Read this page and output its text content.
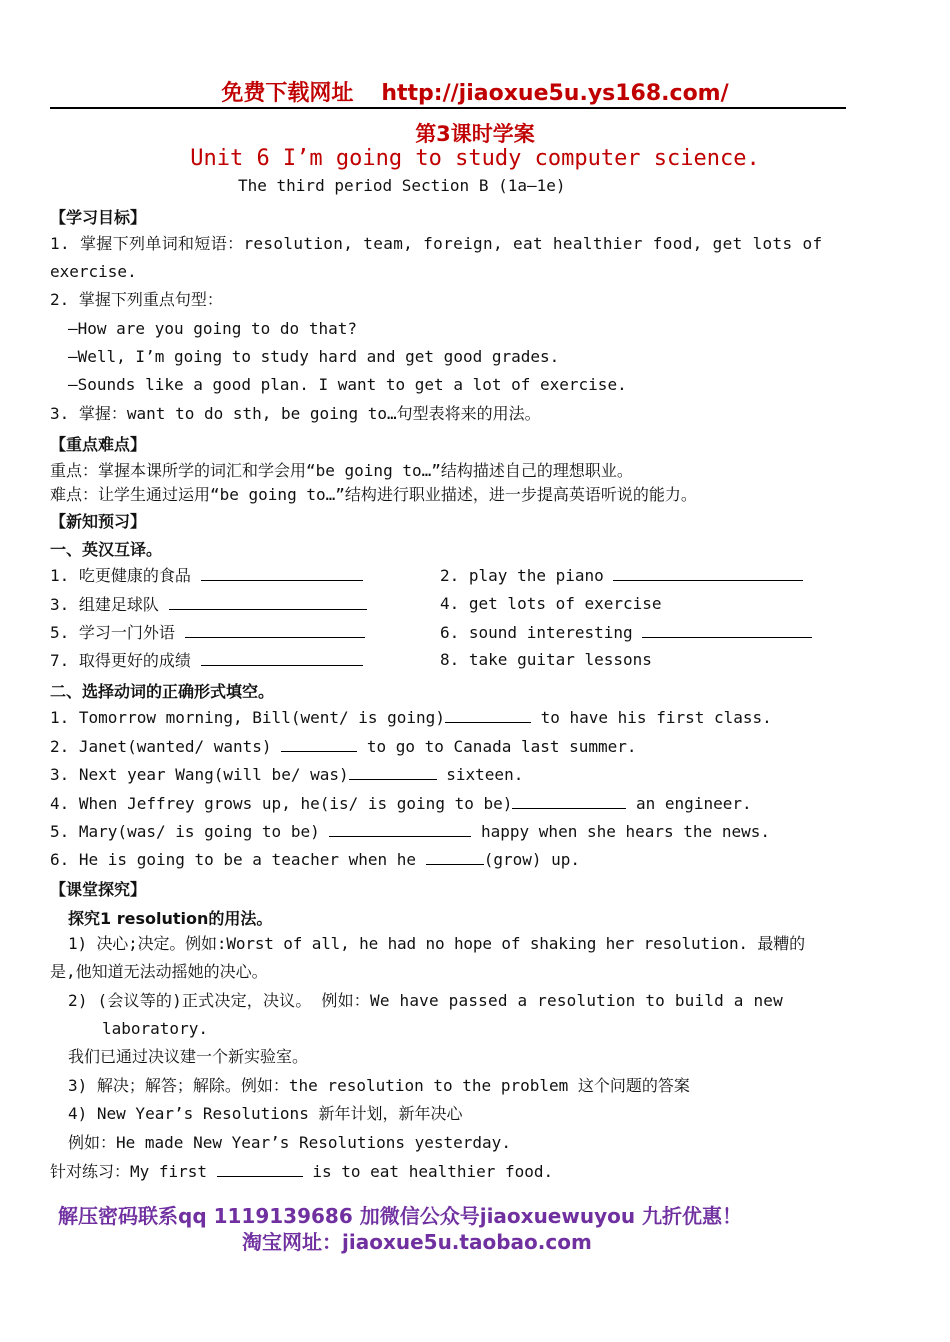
免费下载网址 http://jiaoxue5u.ys168.com/
第3课时学案
Unit 6 I’m going to study computer science.
The third period Section B (1a—1e)
【学习目标】
1. 掌握下列单词和短语：resolution, team, foreign, eat healthier food, get lots of
exercise.
2. 掌握下列重点句型：
—How are you going to do that?
—Well, I’m going to study hard and get good grades.
—Sounds like a good plan. I want to get a lot of exercise.
3. 掌握：want to do sth, be going to…句型表将来的用法。
【重点难点】
重点：掌握本课所学的词汇和学会用“be going to…”结构描述自己的理想职业。
难点：让学生通过运用“be going to…”结构进行职业描述，进一步提高英语听说的能力。
【新知预习】
一、英汉互译。
1. 吃更健康的食品	2. play the piano
3. 组建足球队	4. get lots of exercise
5. 学习一门外语	6. sound interesting
7. 取得更好的成绩	8. take guitar lessons
二、选择动词的正确形式填空。
1. Tomorrow morning, Bill(went/ is going)	to have his first class.
2. Janet(wanted/ wants)	to go to Canada last summer.
3. Next year Wang(will be/ was)	sixteen.
4. When Jeffrey grows up, he(is/ is going to be)	an engineer.
5. Mary(was/ is going to be)	happy when she hears the news.
6. He is going to be a teacher when he	(grow) up.
【课堂探究】
探究1 resolution的用法。
1) 决心;决定。例如:Worst of all, he had no hope of shaking her resolution. 最糟的
是,他知道无法动摇她的决心。
2) (会议等的)正式决定，决议。 例如：We have passed a resolution to build a new
laboratory.
我们已通过决议建一个新实验室。
3) 解决；解答；解除。例如：the resolution to the problem 这个问题的答案
4) New Year’s Resolutions 新年计划，新年决心
例如：He made New Year’s Resolutions yesterday.
针对练习：My first	is to eat healthier food.
解压密码联系qq 1119139686 加微信公众号jiaoxuewuyou 九折优惠！
淘宝网址：jiaoxue5u.taobao.com
